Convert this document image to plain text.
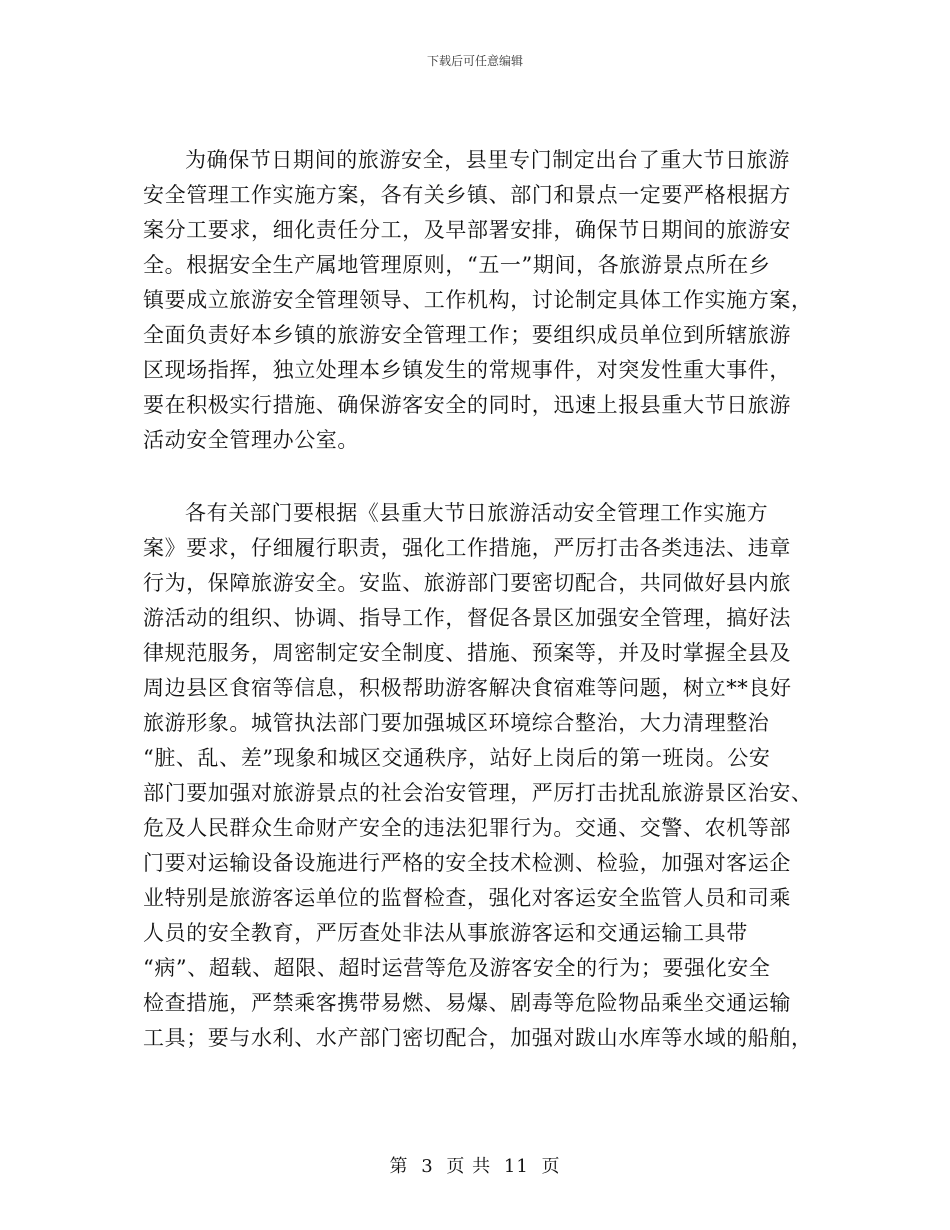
下载后可任意编辑
为确保节日期间的旅游安全，县里专门制定出台了重大节日旅游
安全管理工作实施方案，各有关乡镇、部门和景点一定要严格根据方
案分工要求，细化责任分工，及早部署安排，确保节日期间的旅游安
全。根据安全生产属地管理原则，“五一”期间，各旅游景点所在乡
镇要成立旅游安全管理领导、工作机构，讨论制定具体工作实施方案，
全面负责好本乡镇的旅游安全管理工作；要组织成员单位到所辖旅游
区现场指挥，独立处理本乡镇发生的常规事件，对突发性重大事件，
要在积极实行措施、确保游客安全的同时，迅速上报县重大节日旅游
活动安全管理办公室。
各有关部门要根据《县重大节日旅游活动安全管理工作实施方
案》要求，仔细履行职责，强化工作措施，严厉打击各类违法、违章
行为，保障旅游安全。安监、旅游部门要密切配合，共同做好县内旅
游活动的组织、协调、指导工作，督促各景区加强安全管理，搞好法
律规范服务，周密制定安全制度、措施、预案等，并及时掌握全县及
周边县区食宿等信息，积极帮助游客解决食宿难等问题，树立**良好
旅游形象。城管执法部门要加强城区环境综合整治，大力清理整治
“脏、乱、差”现象和城区交通秩序，站好上岗后的第一班岗。公安
部门要加强对旅游景点的社会治安管理，严厉打击扰乱旅游景区治安、
危及人民群众生命财产安全的违法犯罪行为。交通、交警、农机等部
门要对运输设备设施进行严格的安全技术检测、检验，加强对客运企
业特别是旅游客运单位的监督检查，强化对客运安全监管人员和司乘
人员的安全教育，严厉查处非法从事旅游客运和交通运输工具带
“病”、超载、超限、超时运营等危及游客安全的行为；要强化安全
检查措施，严禁乘客携带易燃、易爆、剧毒等危险物品乘坐交通运输
工具；要与水利、水产部门密切配合，加强对跋山水库等水域的船舶，
第 3 页 共 11 页
